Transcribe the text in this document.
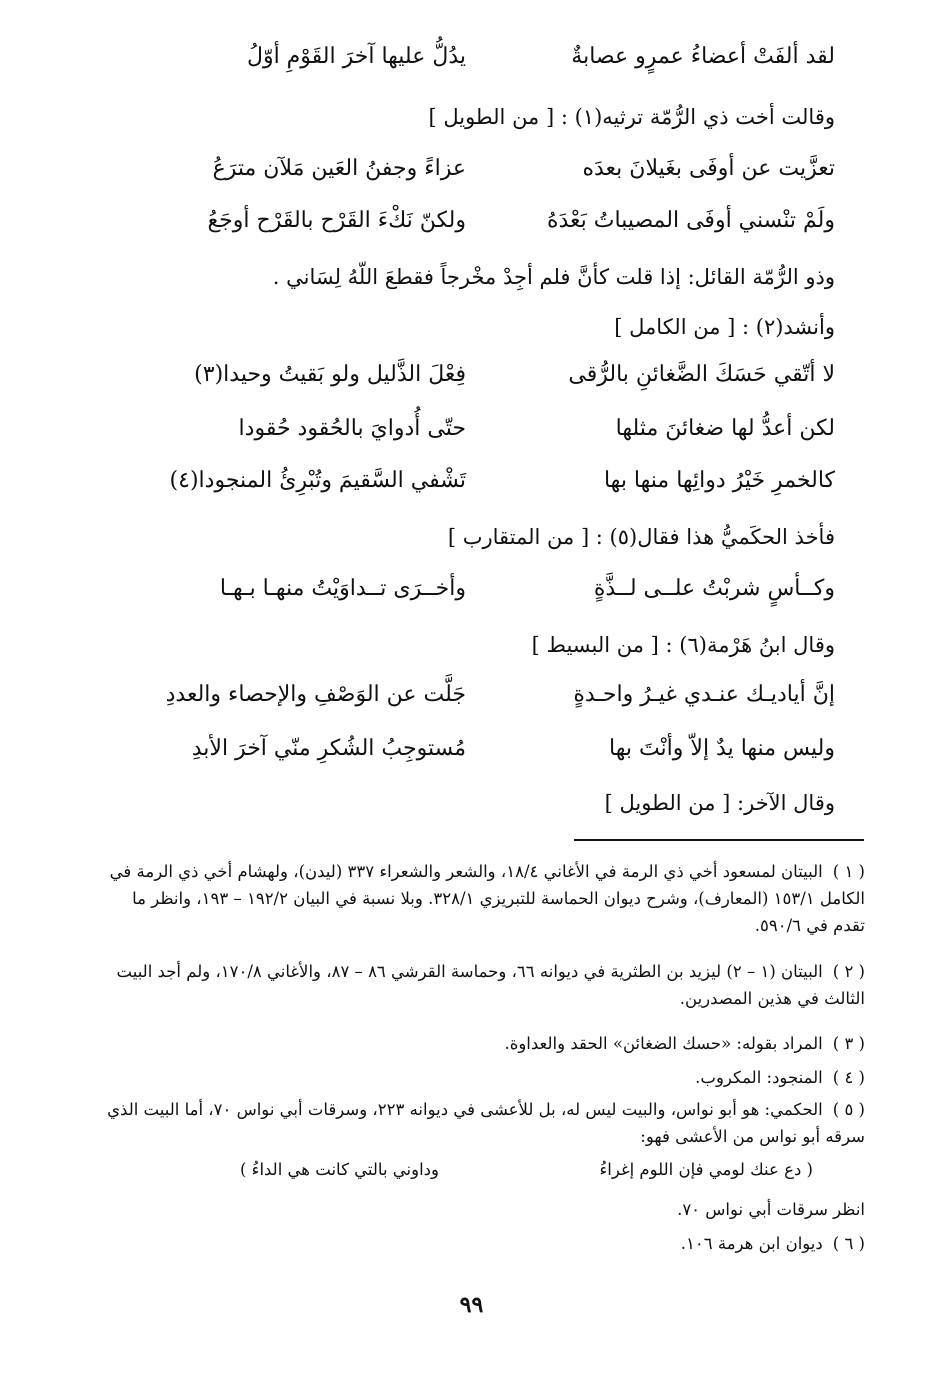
لقد ألفَتْ أعضاءُ عمرٍو عصابةٌ
يدُلُّ عليها آخرَ القَوْمِ أوّلُ
وقالت أخت ذي الرُّمّة ترثيه(١) : [ من الطويل ]
تعزَّيت عن أوفَى بغَيلانَ بعدَه
عزاءً وجفنُ العَين مَلآن مترَعُ
ولَمْ تنْسني أوفَى المصيباتُ بَعْدَهُ
ولكنّ نَكْءَ القَرْح بالقَرْح أوجَعُ
وذو الرُّمّة القائل: إذا قلت كأنَّ فلم أجِدْ مخْرجاً فقطعَ اللّهُ لِسَاني .
وأنشد(٢) : [ من الكامل ]
لا أتّقي حَسَكَ الضَّغائنِ بالرُّقى
فِعْلَ الذَّليل ولو بَقيتُ وحيدا(٣)
لكن أعدُّ لها ضغائنَ مثلها
حتّى أُدوايَ بالحُقود حُقودا
كالخمرِ خَيْرُ دوائِها منها بها
تَشْفي السَّقيمَ وتُبْرِئُ المنجودا(٤)
فأخذ الحكَميُّ هذا فقال(٥) : [ من المتقارب ]
وكــأسٍ شربْتُ علــى لــذَّةٍ
وأخــرَى تــداوَيْتُ منهـا بـهـا
وقال ابنُ هَرْمة(٦) : [ من البسيط ]
إنَّ أياديـك عنـدي غيـرُ واحـدةٍ
جَلَّت عن الوَصْفِ والإحصاء والعددِ
وليس منها يدٌ إلاّ وأنْتَ بها
مُستوجِبُ الشُكرِ منّي آخرَ الأبدِ
وقال الآخر: [ من الطويل ]
( ١ )البيتان لمسعود أخي ذي الرمة في الأغاني ١٨/٤، والشعر والشعراء ٣٣٧ (ليدن)، ولهشام أخي ذي الرمة في الكامل ١٥٣/١ (المعارف)، وشرح ديوان الحماسة للتبريزي ٣٢٨/١. وبلا نسبة في البيان ١٩٢/٢ – ١٩٣، وانظر ما تقدم في ٥٩٠/٦.
( ٢ )البيتان (١ – ٢) ليزيد بن الطثرية في ديوانه ٦٦، وحماسة القرشي ٨٦ – ٨٧، والأغاني ١٧٠/٨، ولم أجد البيت الثالث في هذين المصدرين.
( ٣ )المراد بقوله: «حسك الضغائن» الحقد والعداوة.
( ٤ )المنجود: المكروب.
( ٥ )الحكمي: هو أبو نواس، والبيت ليس له، بل للأعشى في ديوانه ٢٢٣، وسرقات أبي نواس ٧٠، أما البيت الذي سرقه أبو نواس من الأعشى فهو:
( دع عنك لومي فإن اللوم إغراءُ
وداوني بالتي كانت هي الداءُ )
انظر سرقات أبي نواس ٧٠.
( ٦ )ديوان ابن هرمة ١٠٦.
٩٩
